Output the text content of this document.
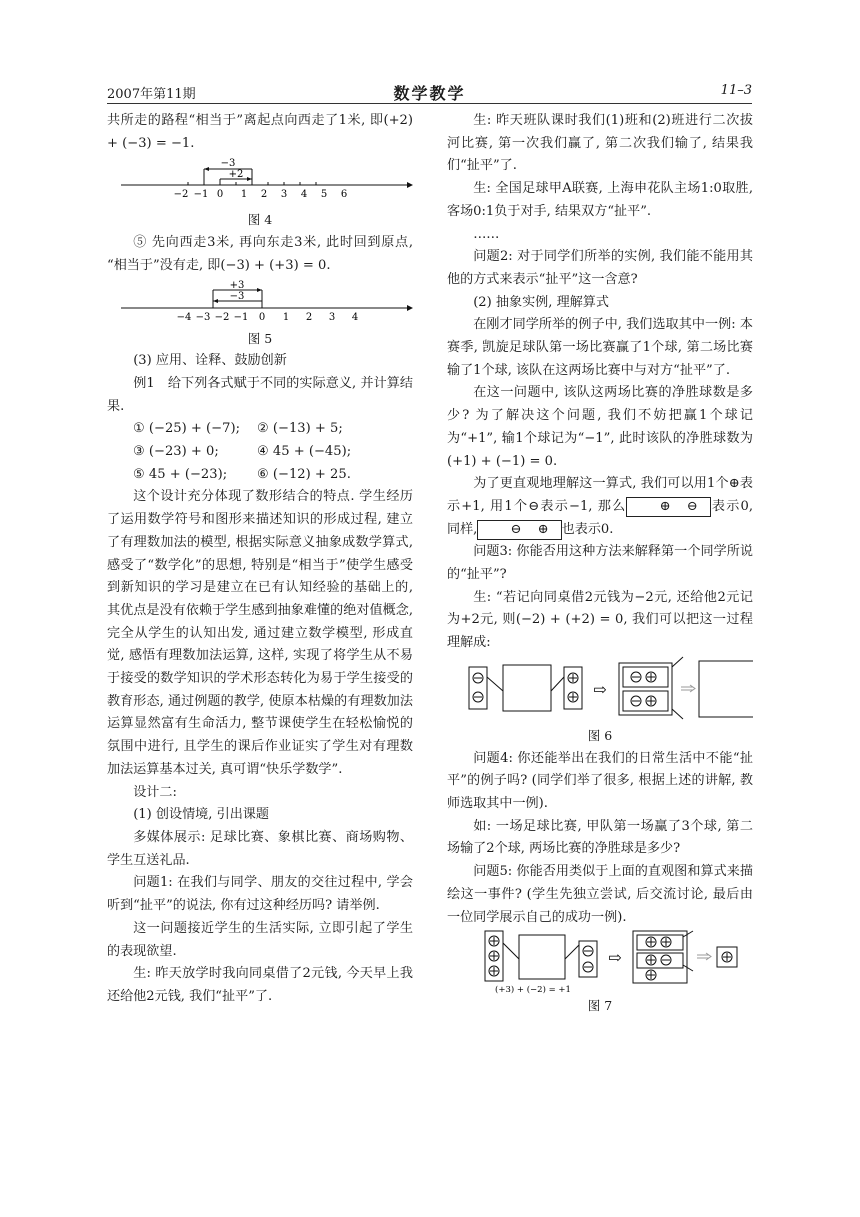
2007年第11期	数学教学	11–3

共所走的路程“相当于”离起点向西走了1米, 即(+2) + (−3) = −1.

−3
+2
−2 −1 0 1 2 3 4 5 6

图 4

⑤ 先向西走3米, 再向东走3米, 此时回到原点, “相当于”没有走, 即(−3) + (+3) = 0.

+3
−3
−4 −3 −2 −1 0 1 2 3 4

图 5

(3) 应用、诠释、鼓励创新

例1　给下列各式赋于不同的实际意义, 并计算结果.

① (−25) + (−7);	② (−13) + 5;
③ (−23) + 0;	④ 45 + (−45);
⑤ 45 + (−23);	⑥ (−12) + 25.

这个设计充分体现了数形结合的特点. 学生经历了运用数学符号和图形来描述知识的形成过程, 建立了有理数加法的模型, 根据实际意义抽象成数学算式, 感受了“数学化”的思想, 特别是“相当于”使学生感受到新知识的学习是建立在已有认知经验的基础上的, 其优点是没有依赖于学生感到抽象难懂的绝对值概念, 完全从学生的认知出发, 通过建立数学模型, 形成直觉, 感悟有理数加法运算, 这样, 实现了将学生从不易于接受的数学知识的学术形态转化为易于学生接受的教育形态, 通过例题的教学, 使原本枯燥的有理数加法运算显然富有生命活力, 整节课使学生在轻松愉悦的氛围中进行, 且学生的课后作业证实了学生对有理数加法运算基本过关, 真可谓“快乐学数学”.

设计二:

(1) 创设情境, 引出课题

多媒体展示: 足球比赛、象棋比赛、商场购物、学生互送礼品.

问题1: 在我们与同学、朋友的交往过程中, 学会听到“扯平”的说法, 你有过这种经历吗? 请举例.

这一问题接近学生的生活实际, 立即引起了学生的表现欲望.

生: 昨天放学时我向同桌借了2元钱, 今天早上我还给他2元钱, 我们“扯平”了.

生: 昨天班队课时我们(1)班和(2)班进行二次拔河比赛, 第一次我们赢了, 第二次我们输了, 结果我们“扯平”了.

生: 全国足球甲A联赛, 上海申花队主场1:0取胜, 客场0:1负于对手, 结果双方“扯平”.

……

问题2: 对于同学们所举的实例, 我们能不能用其他的方式来表示“扯平”这一含意?

(2) 抽象实例, 理解算式

在刚才同学所举的例子中, 我们选取其中一例: 本赛季, 凯旋足球队第一场比赛赢了1个球, 第二场比赛输了1个球, 该队在这两场比赛中与对方“扯平”了.

在这一问题中, 该队这两场比赛的净胜球数是多少? 为了解决这个问题, 我们不妨把赢1个球记为“+1”, 输1个球记为“−1”, 此时该队的净胜球数为(+1) + (−1) = 0.

为了更直观地理解这一算式, 我们可以用1个⊕表示+1, 用1个⊖表示−1, 那么	⊕ ⊖ 表示0, 同样,	⊖ ⊕ 也表示0.

问题3: 你能否用这种方法来解释第一个同学所说的“扯平”?

生: “若记向同桌借2元钱为−2元, 还给他2元记为+2元, 则(−2) + (+2) = 0, 我们可以把这一过程理解成:

⇨

图 6

问题4: 你还能举出在我们的日常生活中不能“扯平”的例子吗? (同学们举了很多, 根据上述的讲解, 教师选取其中一例).

如: 一场足球比赛, 甲队第一场赢了3个球, 第二场输了2个球, 两场比赛的净胜球是多少?

问题5: 你能否用类似于上面的直观图和算式来描绘这一事件? (学生先独立尝试, 后交流讨论, 最后由一位同学展示自己的成功一例).

⇨
(+3) + (−2) = +1

图 7
